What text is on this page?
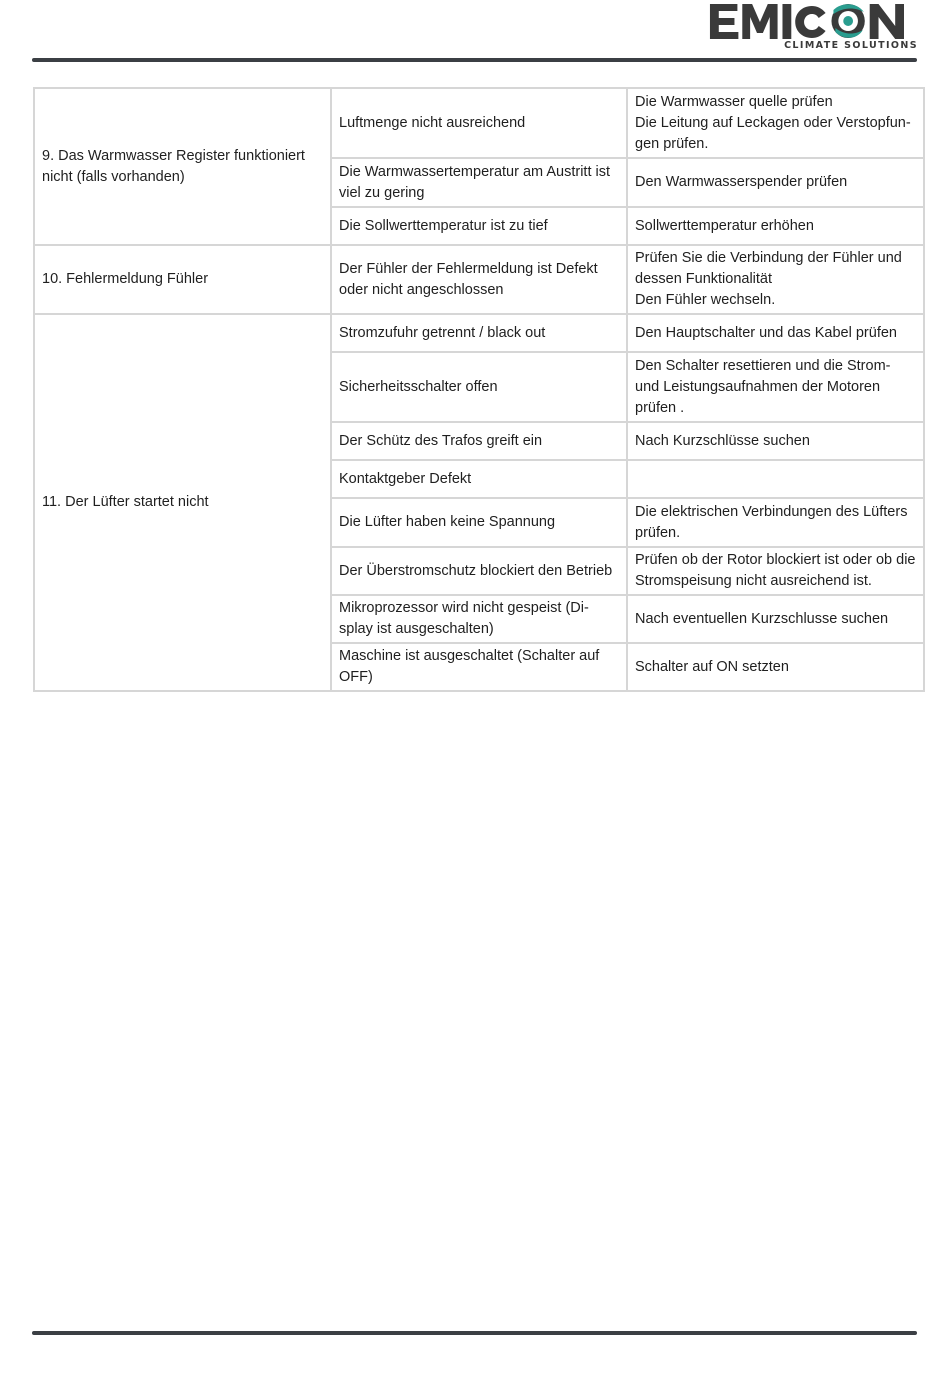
CLIMATE SOLUTIONS
9. Das Warmwasser Register funktioniert nicht (falls vorhanden)	Luftmenge nicht ausreichend	Die Warmwasser quelle prüfen
Die Leitung auf Leckagen oder Verstopfun-gen prüfen.
	Die Warmwassertemperatur am Austritt ist viel zu gering	Den Warmwasserspender prüfen
	Die Sollwerttemperatur ist zu tief	Sollwerttemperatur erhöhen
10. Fehlermeldung Fühler	Der Fühler der Fehlermeldung ist Defekt oder nicht angeschlossen	Prüfen Sie die Verbindung der Fühler und dessen Funktionalität
Den Fühler wechseln.
11. Der Lüfter startet nicht	Stromzufuhr getrennt / black out	Den Hauptschalter und das Kabel prüfen
	Sicherheitsschalter offen	Den Schalter resettieren und die Strom- und Leistungsaufnahmen der Motoren prüfen .
	Der Schütz des Trafos greift ein	Nach Kurzschlüsse suchen
	Kontaktgeber Defekt	
	Die Lüfter haben keine Spannung	Die elektrischen Verbindungen des Lüfters prüfen.
	Der Überstromschutz blockiert den Betrieb	Prüfen ob der Rotor blockiert ist oder ob die Stromspeisung nicht ausreichend ist.
	Mikroprozessor wird nicht gespeist (Di-splay ist ausgeschalten)	Nach eventuellen Kurzschlusse suchen
	Maschine ist ausgeschaltet (Schalter auf OFF)	Schalter auf ON setzten
